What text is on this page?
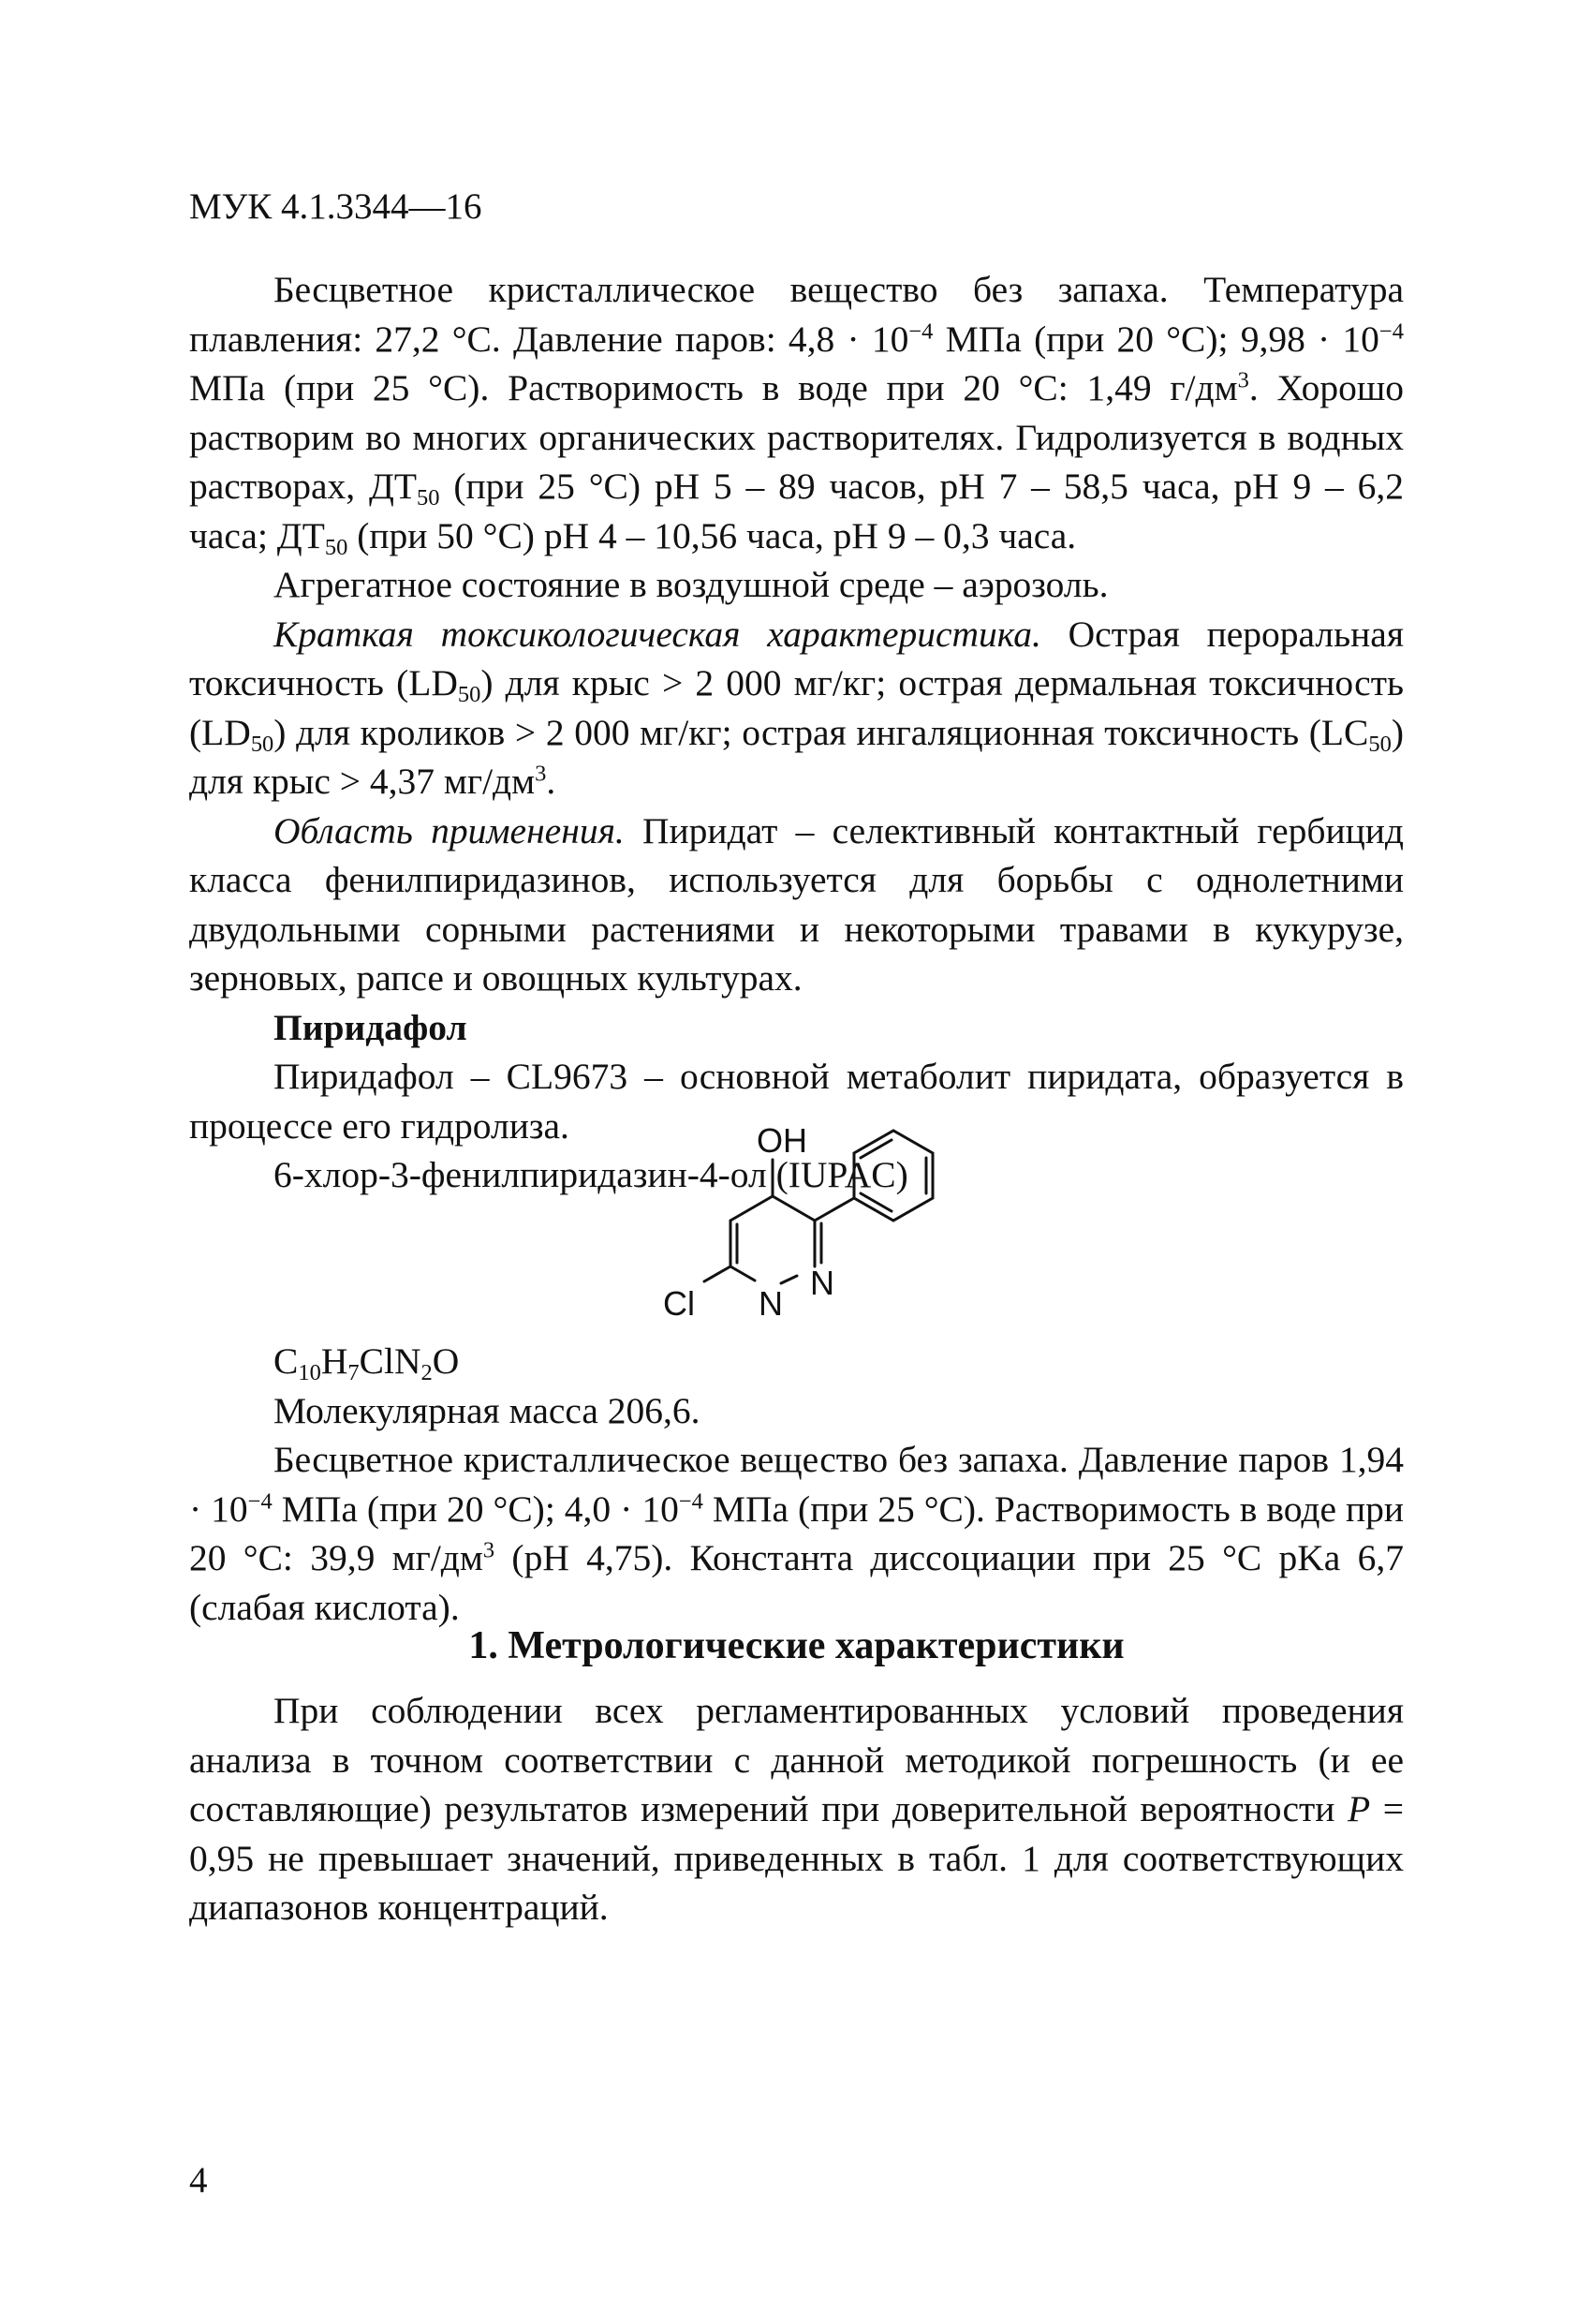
МУК 4.1.3344—16

Бесцветное кристаллическое вещество без запаха. Температура плавления: 27,2 °С. Давление паров: $4,8 \cdot 10^{-4}$ МПа (при 20 °С); $9,98 \cdot 10^{-4}$ МПа (при 25 °С). Растворимость в воде при 20 °С: 1,49 $г/дм^3$. Хорошо растворим во многих органических растворителях. Гидролизуется в водных растворах, $ДТ_{50}$ (при 25 °С) pH 5 – 89 часов, pH 7 – 58,5 часа, pH 9 – 6,2 часа; $ДТ_{50}$ (при 50 °С) pH 4 – 10,56 часа, pH 9 – 0,3 часа.

Агрегатное состояние в воздушной среде – аэрозоль.

Краткая токсикологическая характеристика. Острая пероральная токсичность $(LD_{50})$ для крыс > 2 000 мг/кг; острая дермальная токсичность $(LD_{50})$ для кроликов > 2 000 мг/кг; острая ингаляционная токсичность $(LC_{50})$ для крыс > 4,37 $мг/дм^3$.

Область применения. Пиридат – селективный контактный гербицид класса фенилпиридазинов, используется для борьбы с однолетними двудольными сорными растениями и некоторыми травами в кукурузе, зерновых, рапсе и овощных культурах.

Пиридафол

Пиридафол – CL9673 – основной метаболит пиридата, образуется в процессе его гидролиза.

6-хлор-3-фенилпиридазин-4-ол (IUPAC)

OH
N
N
Cl

$C_{10}H_7ClN_2O$

Молекулярная масса 206,6.

Бесцветное кристаллическое вещество без запаха. Давление паров $1,94 \cdot 10^{-4}$ МПа (при 20 °С); $4,0 \cdot 10^{-4}$ МПа (при 25 °С). Растворимость в воде при 20 °С: 39,9 $мг/дм^3$ (pH 4,75). Константа диссоциации при 25 °С pKa 6,7 (слабая кислота).

1. Метрологические характеристики

При соблюдении всех регламентированных условий проведения анализа в точном соответствии с данной методикой погрешность (и ее составляющие) результатов измерений при доверительной вероятности P = 0,95 не превышает значений, приведенных в табл. 1 для соответствующих диапазонов концентраций.

4
